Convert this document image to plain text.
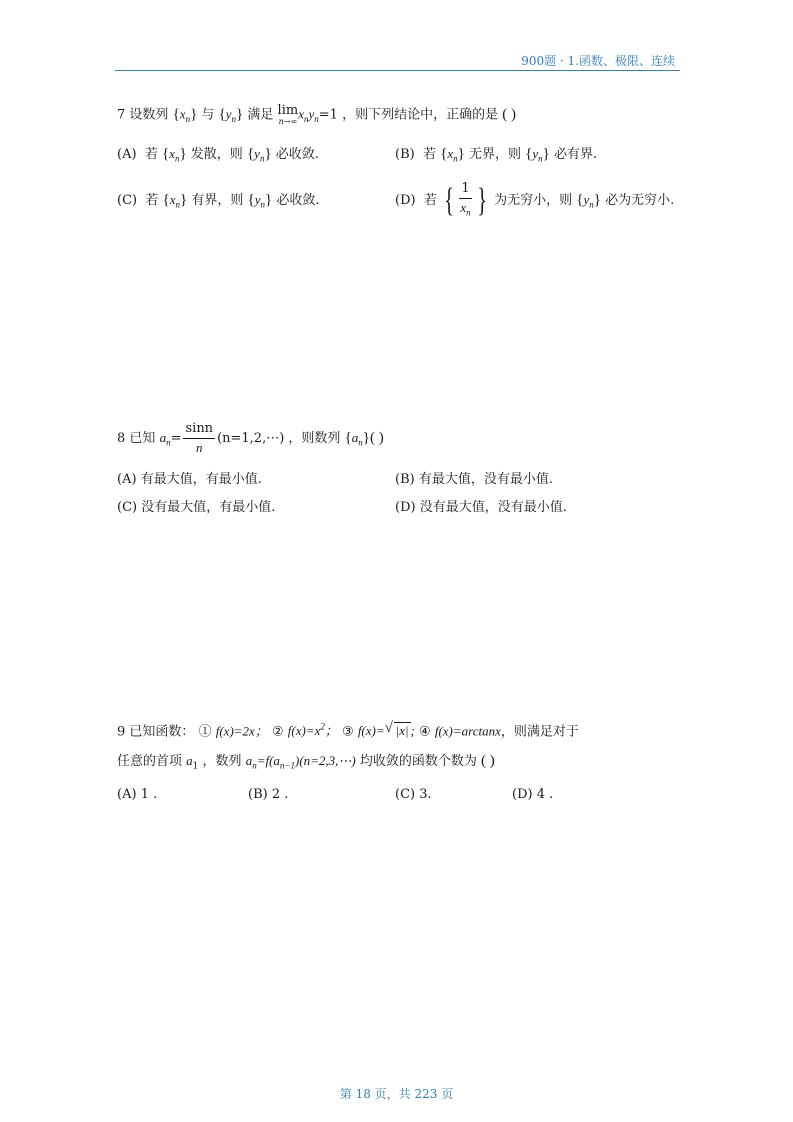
900题 · 1.函数、极限、连续
7 设数列 $\{x_n\}$ 与 $\{y_n\}$ 满足 lim
n→∞ $x_ny_n=1$ ，则下列结论中，正确的是 ( )
(A) 若 $\{x_n\}$ 发散，则 $\{y_n\}$ 必收敛.	(B) 若 $\{x_n\}$ 无界，则 $\{y_n\}$ 必有界.
(C) 若 $\{x_n\}$ 有界，则 $\{y_n\}$ 必收敛.	(D) 若 { $\frac{1}{x_n}$ } 为无穷小，则 $\{y_n\}$ 必为无穷小.
8 已知 $a_n= \frac{\sin n}{n}$ (n=1,2,⋯) ，则数列 $\{a_n\}$( )
(A) 有最大值，有最小值.	(B) 有最大值，没有最小值.
(C) 没有最大值，有最小值.	(D) 没有最大值，没有最小值.
9 已知函数： ① f(x)=2x； ② $f(x)=x^2$； ③ f(x)= √ |x| ; ④ f(x)=arctanx，则满足对于
任意的首项 $a_1$ ，数列 $a_n=f(a_{n-1})(n=2,3,\cdots)$ 均收敛的函数个数为 ( )
(A) 1 .	(B) 2 .	(C) 3.	(D) 4 .
第 18 页，共 223 页
